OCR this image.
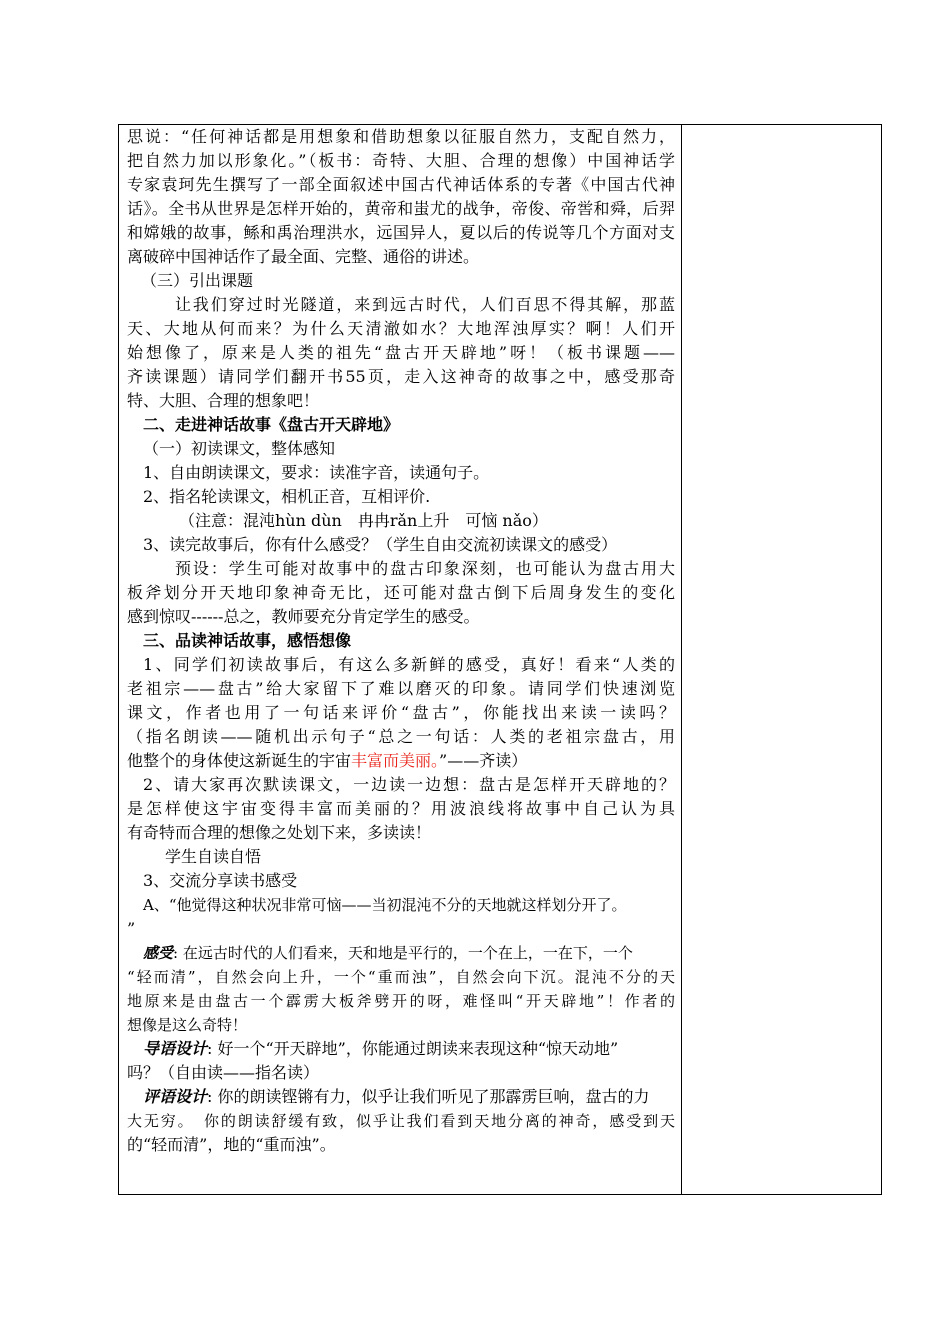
思说：“任何神话都是用想象和借助想象以征服自然力，支配自然力，
把自然力加以形象化。”（板书：奇特、大胆、合理的想像）中国神话学
专家袁珂先生撰写了一部全面叙述中国古代神话体系的专著《中国古代神
话》。全书从世界是怎样开始的，黄帝和蚩尤的战争，帝俊、帝喾和舜，后羿
和嫦娥的故事，鲧和禹治理洪水，远国异人，夏以后的传说等几个方面对支
离破碎中国神话作了最全面、完整、通俗的讲述。
（三）引出课题
让我们穿过时光隧道，来到远古时代，人们百思不得其解，那蓝
天、大地从何而来？为什么天清澈如水？大地浑浊厚实？啊！人们开
始想像了，原来是人类的祖先“盘古开天辟地”呀！（板书课题——
齐读课题）请同学们翻开书55页，走入这神奇的故事之中，感受那奇
特、大胆、合理的想象吧！
二、走进神话故事《盘古开天辟地》
（一）初读课文，整体感知
1、自由朗读课文，要求：读准字音，读通句子。
2、指名轮读课文，相机正音，互相评价.
（注意：混沌hùn dùn　冉冉rǎn上升　可恼 nǎo）
3、读完故事后，你有什么感受？（学生自由交流初读课文的感受）
预设：学生可能对故事中的盘古印象深刻，也可能认为盘古用大
板斧划分开天地印象神奇无比，还可能对盘古倒下后周身发生的变化
感到惊叹------总之，教师要充分肯定学生的感受。
三、品读神话故事，感悟想像
1、同学们初读故事后，有这么多新鲜的感受，真好！看来“人类的
老祖宗——盘古”给大家留下了难以磨灭的印象。请同学们快速浏览
课文，作者也用了一句话来评价“盘古”，你能找出来读一读吗？
（指名朗读——随机出示句子“总之一句话：人类的老祖宗盘古，用
他整个的身体使这新诞生的宇宙丰富而美丽。”——齐读）
2、请大家再次默读课文，一边读一边想：盘古是怎样开天辟地的？
是怎样使这宇宙变得丰富而美丽的？用波浪线将故事中自己认为具
有奇特而合理的想像之处划下来，多读读！
学生自读自悟
3、交流分享读书感受
A、“他觉得这种状况非常可恼——当初混沌不分的天地就这样划分开了。
”
感受: 在远古时代的人们看来，天和地是平行的，一个在上，一在下，一个
“轻而清”，自然会向上升，一个“重而浊”，自然会向下沉。混沌不分的天
地原来是由盘古一个霹雳大板斧劈开的呀，难怪叫“开天辟地”！作者的
想像是这么奇特！
导语设计: 好一个“开天辟地”，你能通过朗读来表现这种“惊天动地”
吗？（自由读——指名读）
评语设计: 你的朗读铿锵有力，似乎让我们听见了那霹雳巨响，盘古的力
大无穷。　你的朗读舒缓有致，似乎让我们看到天地分离的神奇，感受到天
的“轻而清”，地的“重而浊”。
